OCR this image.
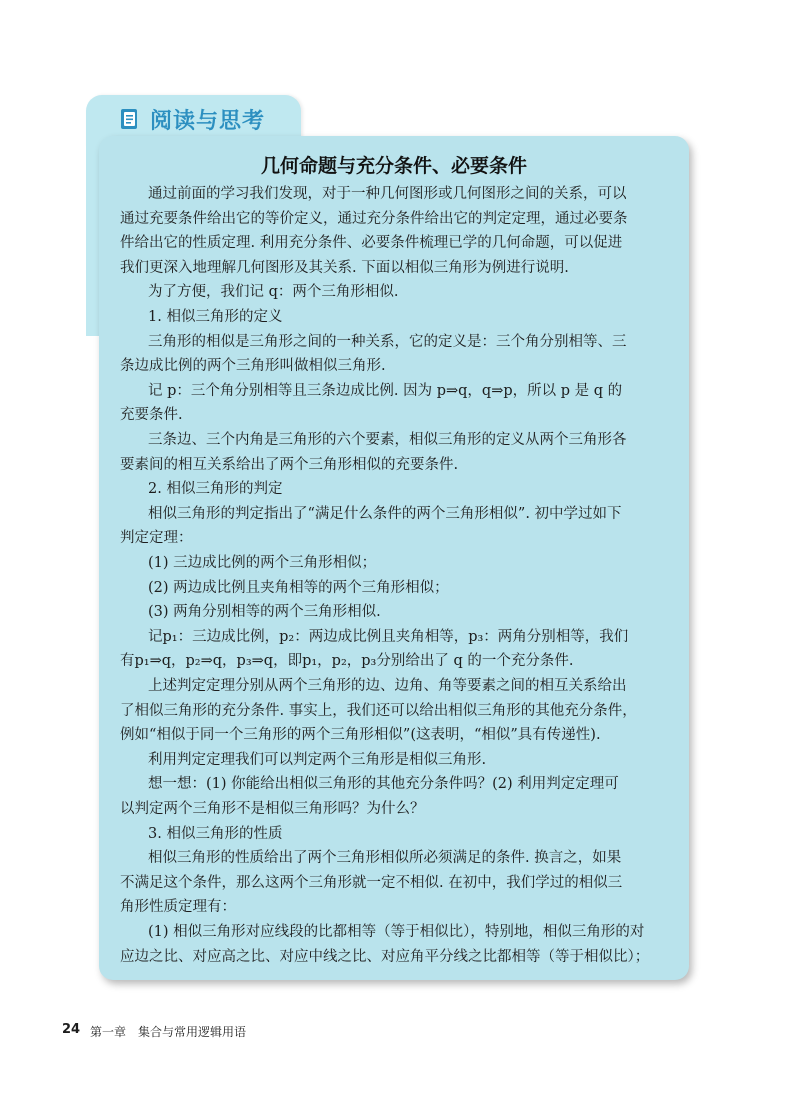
阅读与思考
几何命题与充分条件、必要条件
24 第一章　集合与常用逻辑用语
通过前面的学习我们发现，对于一种几何图形或几何图形之间的关系，可以
通过充要条件给出它的等价定义，通过充分条件给出它的判定定理，通过必要条
件给出它的性质定理. 利用充分条件、必要条件梳理已学的几何命题，可以促进
我们更深入地理解几何图形及其关系. 下面以相似三角形为例进行说明.
为了方便，我们记 q：两个三角形相似.
1. 相似三角形的定义
三角形的相似是三角形之间的一种关系，它的定义是：三个角分别相等、三
条边成比例的两个三角形叫做相似三角形.
记 p：三个角分别相等且三条边成比例. 因为 p⇒q，q⇒p，所以 p 是 q 的
充要条件.
三条边、三个内角是三角形的六个要素，相似三角形的定义从两个三角形各
要素间的相互关系给出了两个三角形相似的充要条件.
2. 相似三角形的判定
相似三角形的判定指出了“满足什么条件的两个三角形相似”. 初中学过如下
判定定理：
(1) 三边成比例的两个三角形相似；
(2) 两边成比例且夹角相等的两个三角形相似；
(3) 两角分别相等的两个三角形相似.
记p₁：三边成比例，p₂：两边成比例且夹角相等，p₃：两角分别相等，我们
有p₁⇒q，p₂⇒q，p₃⇒q，即p₁，p₂，p₃分别给出了 q 的一个充分条件.
上述判定定理分别从两个三角形的边、边角、角等要素之间的相互关系给出
了相似三角形的充分条件. 事实上，我们还可以给出相似三角形的其他充分条件，
例如“相似于同一个三角形的两个三角形相似”(这表明，“相似”具有传递性).
利用判定定理我们可以判定两个三角形是相似三角形.
想一想：(1) 你能给出相似三角形的其他充分条件吗？(2) 利用判定定理可
以判定两个三角形不是相似三角形吗？为什么？
3. 相似三角形的性质
相似三角形的性质给出了两个三角形相似所必须满足的条件. 换言之，如果
不满足这个条件，那么这两个三角形就一定不相似. 在初中，我们学过的相似三
角形性质定理有：
(1) 相似三角形对应线段的比都相等（等于相似比），特别地，相似三角形的对
应边之比、对应高之比、对应中线之比、对应角平分线之比都相等（等于相似比）；
